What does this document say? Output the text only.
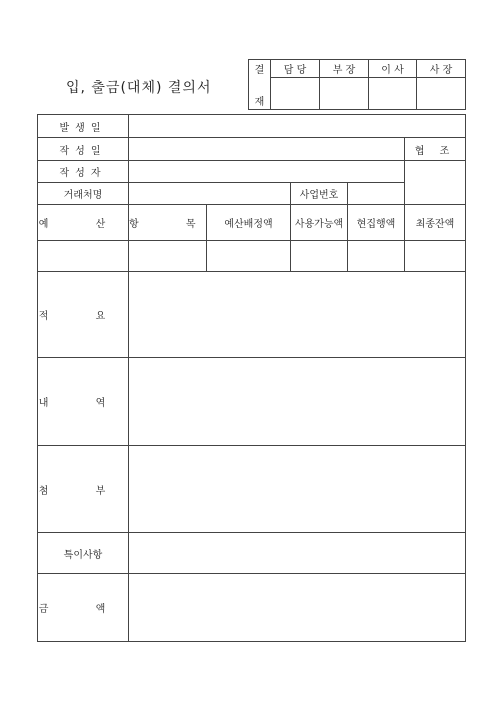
입, 출금(대체) 결의서
결	담 당	부 장	이 사	사 장
재				
발생일					
작성일					협 조
작성자					
거래처명			사업번호		
예 산	항 목	예산배정액	사용가능액	현집행액	최종잔액

적 요					
내 역					
첨 부					
특이사항					
금 액					
